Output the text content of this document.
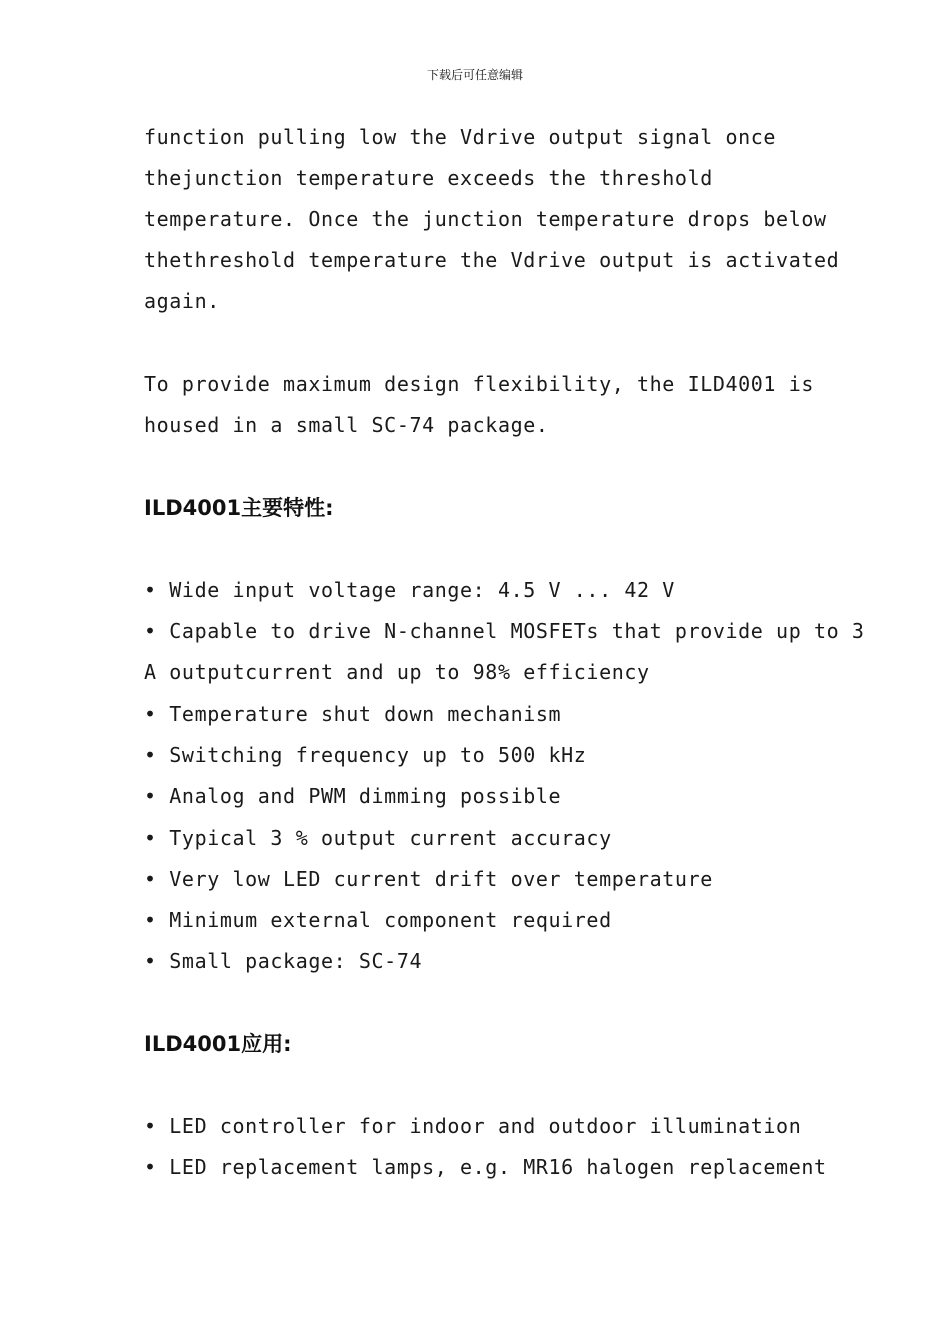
下载后可任意编辑
function pulling low the Vdrive output signal once
thejunction temperature exceeds the threshold
temperature. Once the junction temperature drops below
thethreshold temperature the Vdrive output is activated
again.
To provide maximum design flexibility, the ILD4001 is
housed in a small SC-74 package.
ILD4001主要特性:
• Wide input voltage range: 4.5 V ... 42 V
• Capable to drive N-channel MOSFETs that provide up to 3
A outputcurrent and up to 98% efficiency
• Temperature shut down mechanism
• Switching frequency up to 500 kHz
• Analog and PWM dimming possible
• Typical 3 % output current accuracy
• Very low LED current drift over temperature
• Minimum external component required
• Small package: SC-74
ILD4001应用:
• LED controller for indoor and outdoor illumination
• LED replacement lamps, e.g. MR16 halogen replacement
